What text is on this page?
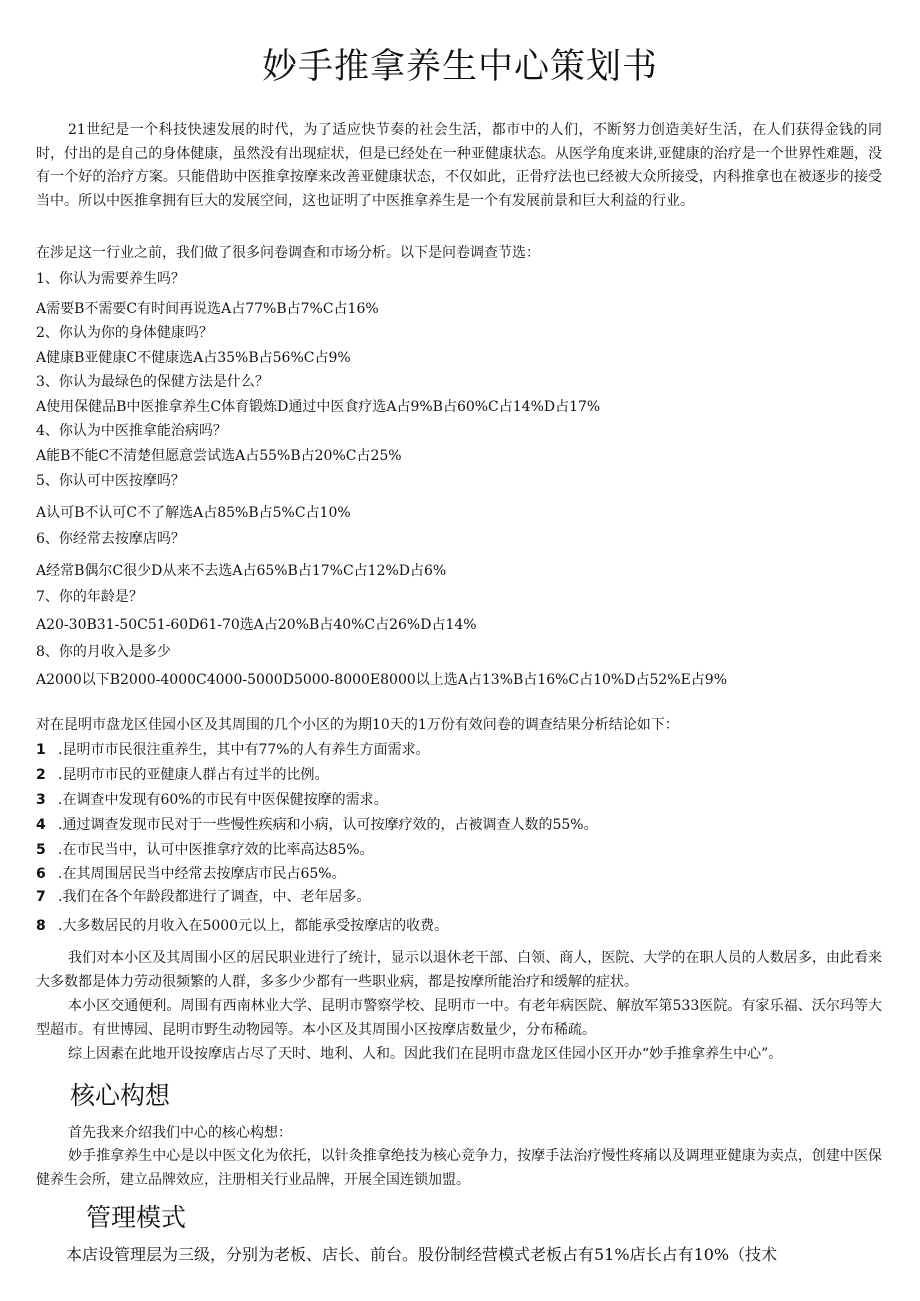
妙手推拿养生中心策划书

21世纪是一个科技快速发展的时代，为了适应快节奏的社会生活，都市中的人们，不断努力创造美好生活，在人们获得金钱的同时，付出的是自己的身体健康，虽然没有出现症状，但是已经处在一种亚健康状态。从医学角度来讲,亚健康的治疗是一个世界性难题，没有一个好的治疗方案。只能借助中医推拿按摩来改善亚健康状态，不仅如此，正骨疗法也已经被大众所接受，内科推拿也在被逐步的接受当中。所以中医推拿拥有巨大的发展空间，这也证明了中医推拿养生是一个有发展前景和巨大利益的行业。

在涉足这一行业之前，我们做了很多问卷调查和市场分析。以下是问卷调查节选：

1、你认为需要养生吗？

A需要B不需要C有时间再说选A占77%B占7%C占16%

2、你认为你的身体健康吗？

A健康B亚健康C不健康选A占35%B占56%C占9%

3、你认为最绿色的保健方法是什么？

A使用保健品B中医推拿养生C体育锻炼D通过中医食疗选A占9%B占60%C占14%D占17%

4、你认为中医推拿能治病吗？

A能B不能C不清楚但愿意尝试选A占55%B占20%C占25%

5、你认可中医按摩吗？

A认可B不认可C不了解选A占85%B占5%C占10%

6、你经常去按摩店吗？

A经常B偶尔C很少D从来不去选A占65%B占17%C占12%D占6%

7、你的年龄是？

A20-30B31-50C51-60D61-70选A占20%B占40%C占26%D占14%

8、你的月收入是多少

A2000以下B2000-4000C4000-5000D5000-8000E8000以上选A占13%B占16%C占10%D占52%E占9%

对在昆明市盘龙区佳园小区及其周围的几个小区的为期10天的1万份有效问卷的调查结果分析结论如下：

1 .昆明市市民很注重养生，其中有77%的人有养生方面需求。

2 .昆明市市民的亚健康人群占有过半的比例。

3 .在调查中发现有60%的市民有中医保健按摩的需求。

4 .通过调查发现市民对于一些慢性疾病和小病，认可按摩疗效的，占被调查人数的55%。

5 .在市民当中，认可中医推拿疗效的比率高达85%。

6 .在其周围居民当中经常去按摩店市民占65%。

7 .我们在各个年龄段都进行了调查，中、老年居多。

8 .大多数居民的月收入在5000元以上，都能承受按摩店的收费。

我们对本小区及其周围小区的居民职业进行了统计，显示以退休老干部、白领、商人，医院、大学的在职人员的人数居多，由此看来大多数都是体力劳动很频繁的人群，多多少少都有一些职业病，都是按摩所能治疗和缓解的症状。

本小区交通便利。周围有西南林业大学、昆明市警察学校、昆明市一中。有老年病医院、解放军第533医院。有家乐福、沃尔玛等大型超市。有世博园、昆明市野生动物园等。本小区及其周围小区按摩店数量少，分布稀疏。

综上因素在此地开设按摩店占尽了天时、地利、人和。因此我们在昆明市盘龙区佳园小区开办“妙手推拿养生中心”。

核心构想

首先我来介绍我们中心的核心构想：

妙手推拿养生中心是以中医文化为依托，以针灸推拿绝技为核心竞争力，按摩手法治疗慢性疼痛以及调理亚健康为卖点，创建中医保健养生会所，建立品牌效应，注册相关行业品牌，开展全国连锁加盟。

管理模式

本店设管理层为三级，分别为老板、店长、前台。股份制经营模式老板占有51%店长占有10%（技术
